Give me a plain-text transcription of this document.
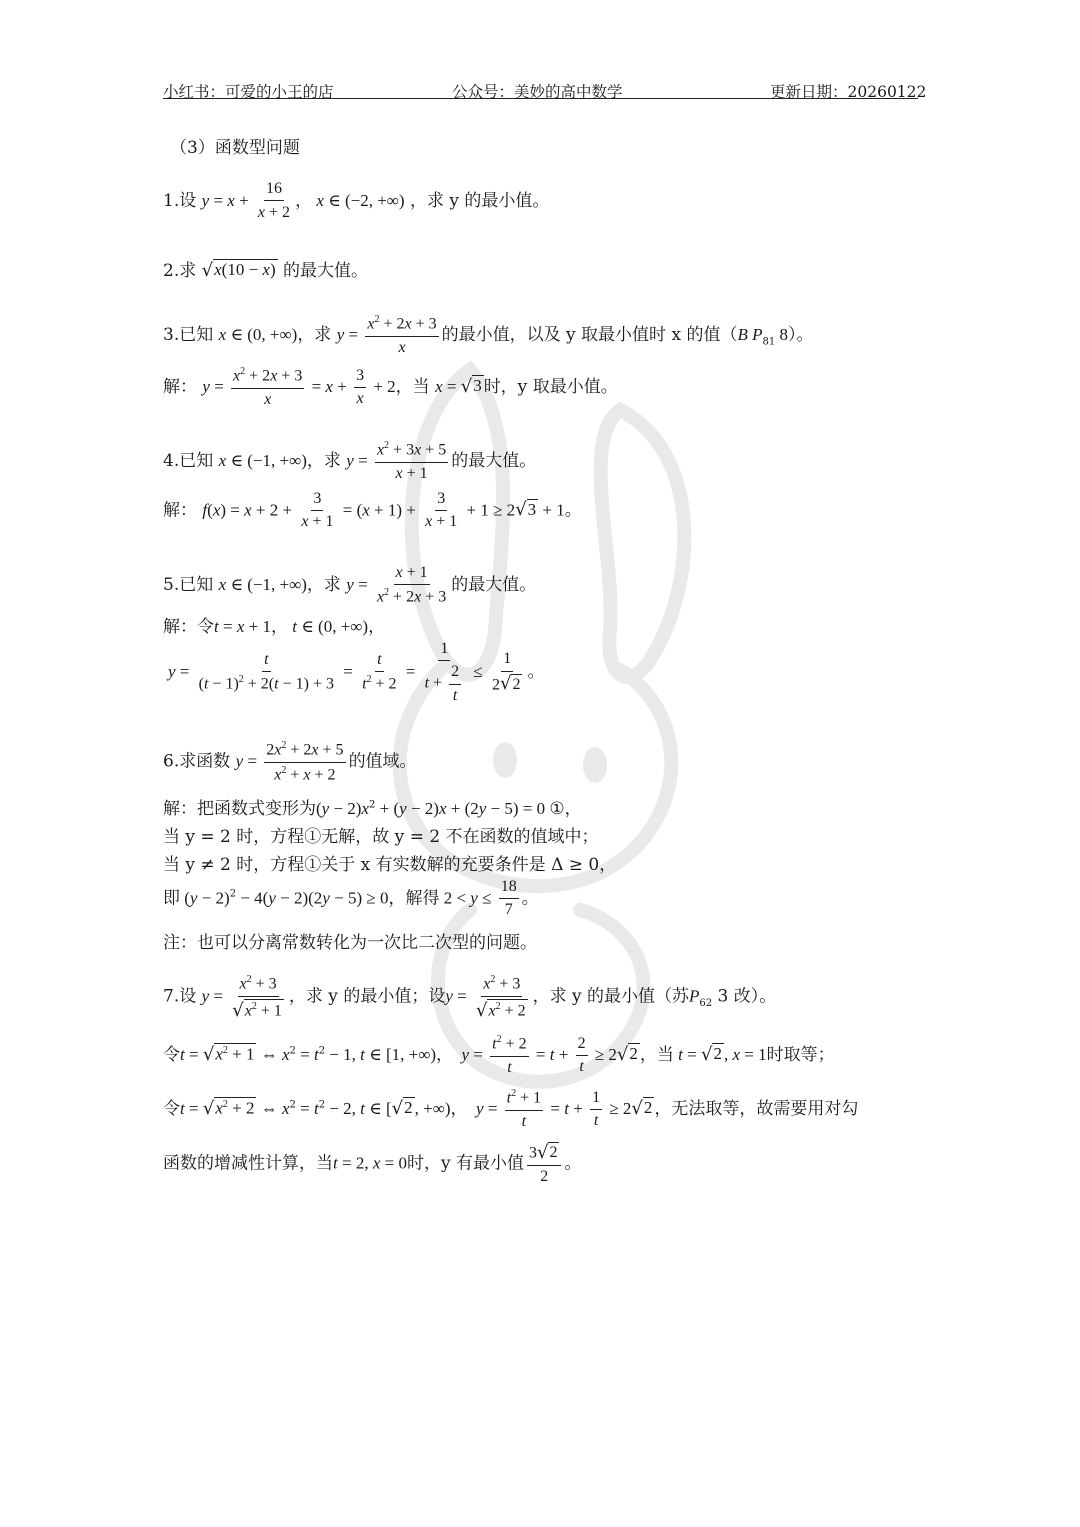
小红书：可爱的小王的店	公众号：美妙的高中数学	更新日期：20260122
（3）函数型问题
1.设 $y = x + \frac{16}{x + 2}$ ， x ∈ (−2, +∞) ，求 y 的最小值。
2.求 √ x(10 − x) 的最大值。
3.已知 x ∈ (0, +∞)，求 $y = \frac{x^2 + 2x + 3}{x}$ 的最小值，以及 y 取最小值时 x 的值（B $P_{81}$ 8）。
解： $y = \frac{x^2 + 2x + 3}{x} = x + \frac{3}{x} + 2$，当 x = √ 3 时，y 取最小值。
4.已知 x ∈ (−1, +∞)，求 $y = \frac{x^2 + 3x + 5}{x + 1}$ 的最大值。
解： $f(x) = x + 2 + \frac{3}{x + 1} = (x + 1) + \frac{3}{x + 1} + 1 \ge 2$ √ 3 + 1。
5.已知 x ∈ (−1, +∞)，求 $y = \frac{x + 1}{x^2 + 2x + 3}$ 的最大值。
解：令t = x + 1， t ∈ (0, +∞)，
$y = \frac{t}{(t - 1)^2 + 2(t - 1) + 3} = \frac{t}{t^2 + 2} = \frac{1}{t + \frac{2}{t}} \le \frac{1}{2 √ 2}$ 。
6.求函数 $y = \frac{2x^2 + 2x + 5}{x^2 + x + 2}$ 的值域。
解：把函数式变形为$(y - 2)x^2 + (y - 2)x + (2y - 5) = 0$ ①，
当 y = 2 时，方程①无解，故 y = 2 不在函数的值域中；
当 y ≠ 2 时，方程①关于 x 有实数解的充要条件是 Δ ≥ 0，
即 $(y - 2)^2 - 4(y - 2)(2y - 5) \ge 0$，解得 $2 < y \le \frac{18}{7}$ 。
注：也可以分离常数转化为一次比二次型的问题。
7.设 $y = \frac{x^2 + 3}{√ x^2 + 1}$ ，求 y 的最小值；设$y = \frac{x^2 + 3}{√ x^2 + 2}$ ，求 y 的最小值（苏$P_{62}$ 3 改）。
令t = √ $x^2 + 1$ ⇔ $x^2 = t^2 - 1$, t ∈ [1, +∞)，  $y = \frac{t^2 + 2}{t} = t + \frac{2}{t} \ge 2$ √ 2 ，当 t = √ 2 , x = 1时取等；
令t = √ $x^2 + 2$ ⇔ $x^2 = t^2 - 2$, t ∈ [ √ 2 , +∞)，  $y = \frac{t^2 + 1}{t} = t + \frac{1}{t} \ge 2$ √ 2 ，无法取等，故需要用对勾
函数的增减性计算，当t = 2, x = 0时，y 有最小值 $\frac{3 √ 2}{2}$ 。
